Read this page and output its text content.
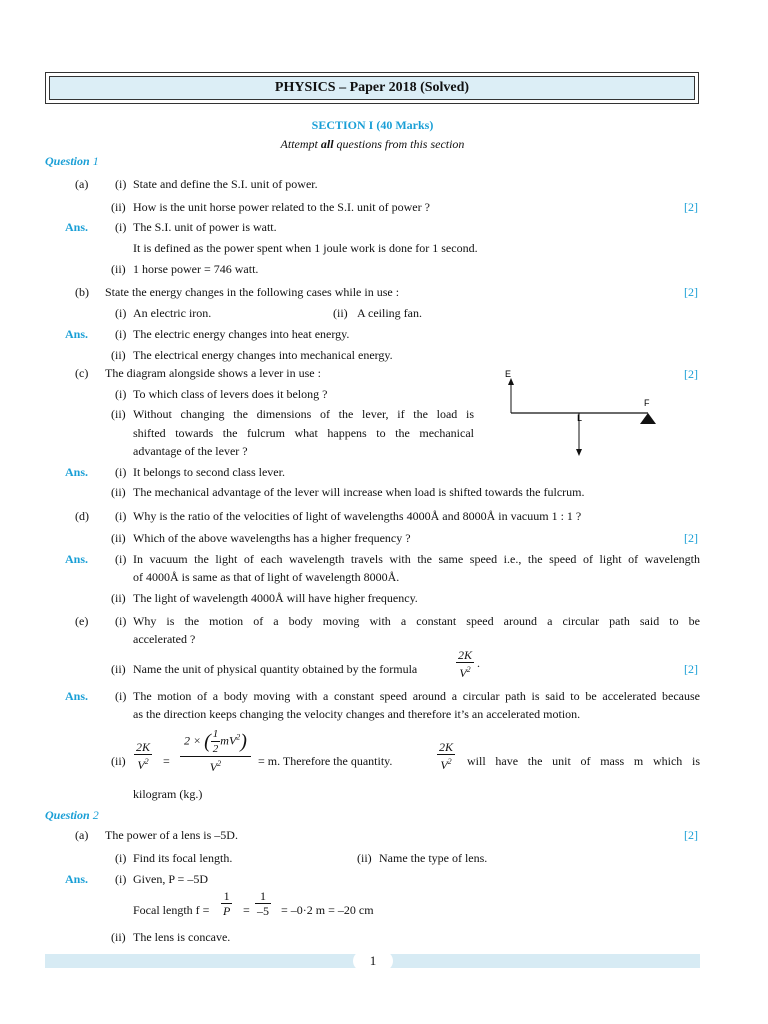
PHYSICS – Paper 2018 (Solved)
SECTION I (40 Marks)
Attempt all questions from this section
Question 1
(a) (i) State and define the S.I. unit of power.
(ii) How is the unit horse power related to the S.I. unit of power ?	[2]
Ans. (i) The S.I. unit of power is watt.
It is defined as the power spent when 1 joule work is done for 1 second.
(ii) 1 horse power = 746 watt.
(b) State the energy changes in the following cases while in use :	[2]
(i) An electric iron.	(ii) A ceiling fan.
Ans. (i) The electric energy changes into heat energy.
(ii) The electrical energy changes into mechanical energy.
(c) The diagram alongside shows a lever in use :	[2]
(i) To which class of levers does it belong ?
(ii) Without changing the dimensions of the lever, if the load is
shifted towards the fulcrum what happens to the mechanical
advantage of the lever ?
E
F
L
Ans. (i) It belongs to second class lever.
(ii) The mechanical advantage of the lever will increase when load is shifted towards the fulcrum.
(d) (i) Why is the ratio of the velocities of light of wavelengths 4000Å and 8000Å in vacuum 1 : 1 ?
(ii) Which of the above wavelengths has a higher frequency ?	[2]
Ans. (i) In vacuum the light of each wavelength travels with the same speed i.e., the speed of light of wavelength
of 4000Å is same as that of light of wavelength 8000Å.
(ii) The light of wavelength 4000Å will have higher frequency.
(e) (i) Why is the motion of a body moving with a constant speed around a circular path said to be
accelerated ?
(ii) Name the unit of physical quantity obtained by the formula	$\frac{2K}{V^2}$ .	[2]
Ans. (i) The motion of a body moving with a constant speed around a circular path is said to be accelerated because
as the direction keeps changing the velocity changes and therefore it’s an accelerated motion.
$(ii) \frac{2K}{V^2} = \frac{2 \times ( \frac{1}{2} mV^2)}{V^2} = m$. Therefore the quantity.	$\frac{2K}{V^2}$ will have the unit of mass m which is
kilogram (kg.)
Question 2
(a) The power of a lens is –5D.	[2]
(i) Find its focal length.	(ii) Name the type of lens.
Ans. (i) Given, P = –5D
Focal length $f = \frac{1}{P} = \frac{1}{-5} = -0\cdot 2$ m = –20 cm
(ii) The lens is concave.
1
